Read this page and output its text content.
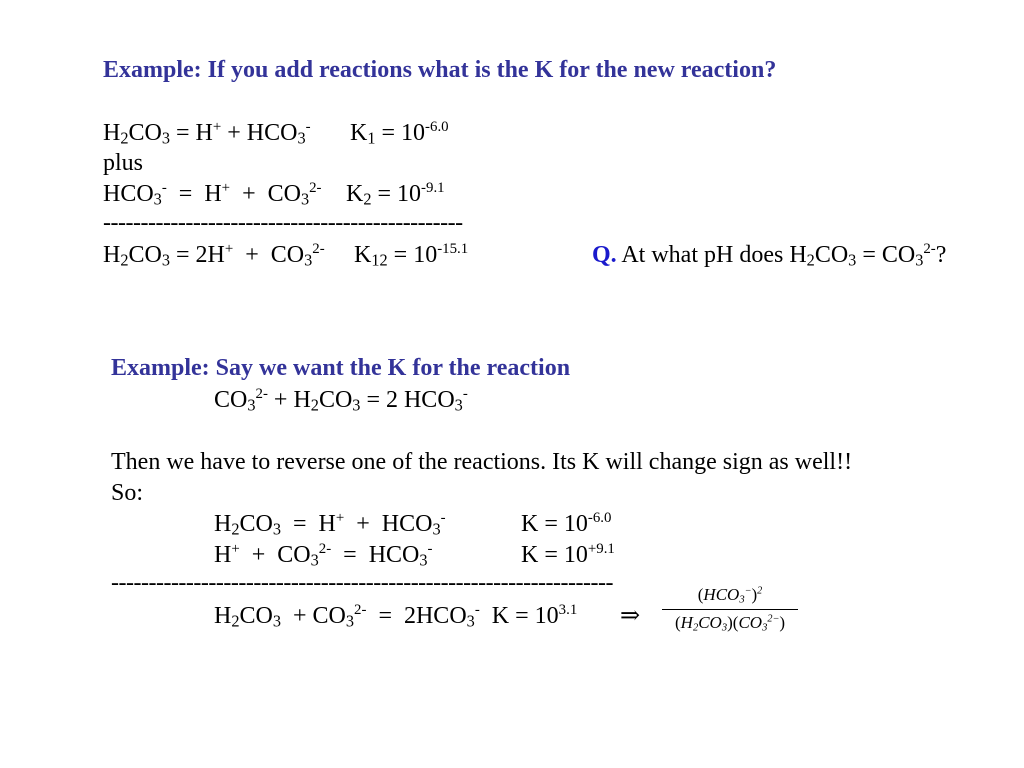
Example: If you add reactions what is the K for the new reaction?
$H_2CO_3 = H^+ + HCO_3^-$ $K_1 = 10^{-6.0}$
plus
$HCO_3^- = H^+ + CO_3^{2-}$ $K_2 = 10^{-9.1}$
------------------------------------------------
$H_2CO_3 = 2H^+ + CO_3^{2-}$ $K_{12} = 10^{-15.1}$	Q. At what pH does $H_2CO_3 = CO_3^{2-}$?
Example: Say we want the K for the reaction
$CO_3^{2-} + H_2CO_3 = 2$ $HCO_3^-$
Then we have to reverse one of the reactions. Its K will change sign as well!!
So:
$H_2CO_3 = H^+ + HCO_3^-$	$K = 10^{-6.0}$
$H^+ + CO_3^{2-} = HCO_3^-$	$K = 10^{+9.1}$
-------------------------------------------------------------------
$H_2CO_3 + CO_3^{2-} = 2HCO_3^-$  $K = 10^{3.1}$ ⇒
$(HCO_3^-)^2$
$(H_2CO_3)(CO_3^{2-})$
